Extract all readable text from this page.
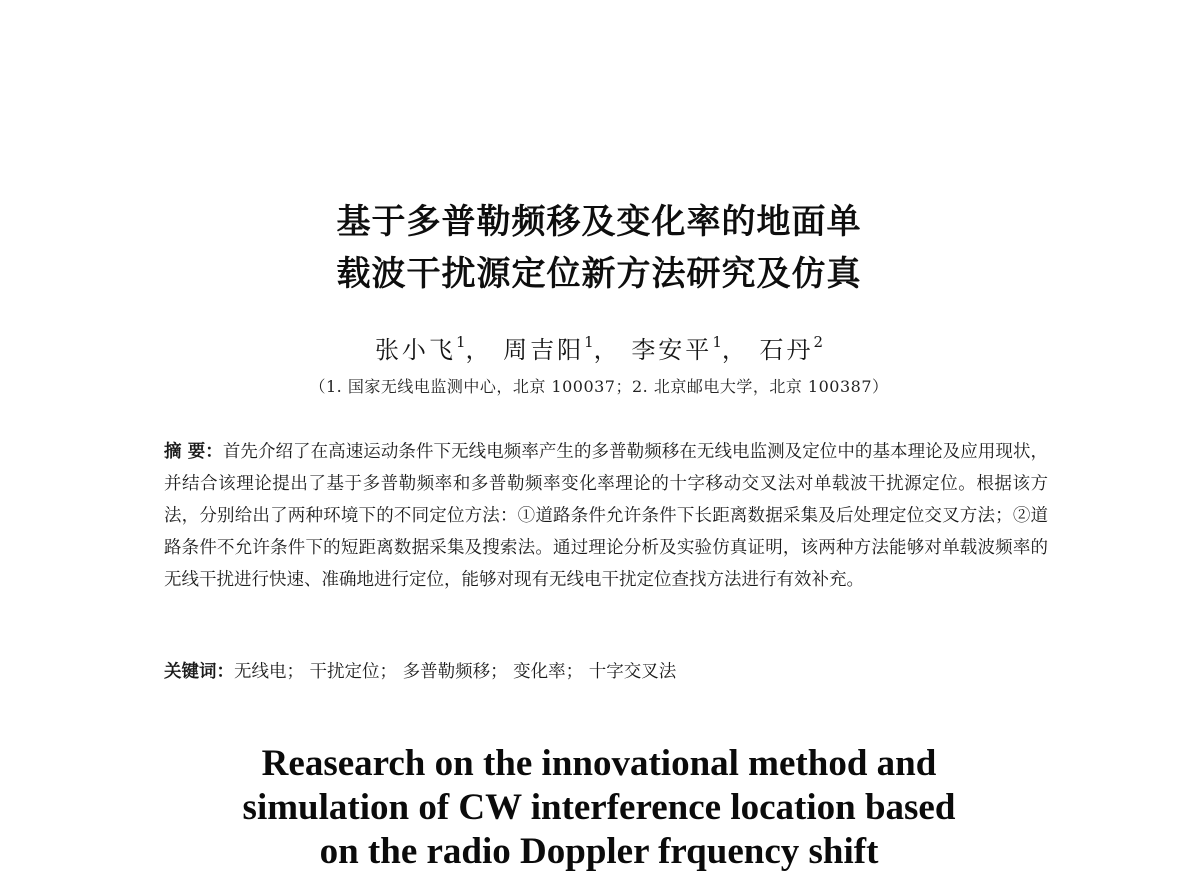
基于多普勒频移及变化率的地面单
载波干扰源定位新方法研究及仿真
张小飞$^1$， 周吉阳$^1$， 李安平$^1$， 石丹$^2$
（1. 国家无线电监测中心，北京 100037；2. 北京邮电大学，北京 100387）
摘 要：首先介绍了在高速运动条件下无线电频率产生的多普勒频移在无线电监测及定位中的基本理论及应用现状，并结合该理论提出了基于多普勒频率和多普勒频率变化率理论的十字移动交叉法对单载波干扰源定位。根据该方法，分别给出了两种环境下的不同定位方法：①道路条件允许条件下长距离数据采集及后处理定位交叉方法；②道路条件不允许条件下的短距离数据采集及搜索法。通过理论分析及实验仿真证明，该两种方法能够对单载波频率的无线干扰进行快速、准确地进行定位，能够对现有无线电干扰定位查找方法进行有效补充。
关键词：无线电； 干扰定位； 多普勒频移； 变化率； 十字交叉法
Reasearch on the innovational method and
simulation of CW interference location based
on the radio Doppler frquency shift
